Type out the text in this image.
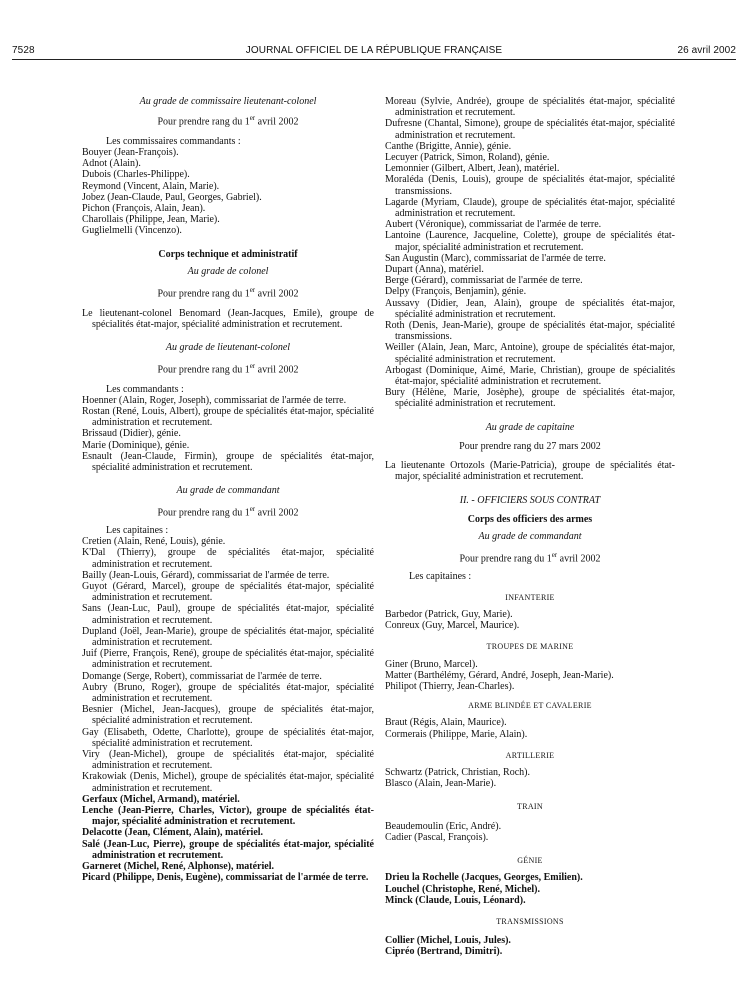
7528	JOURNAL OFFICIEL DE LA RÉPUBLIQUE FRANÇAISE	26 avril 2002
Au grade de commissaire lieutenant-colonel
Pour prendre rang du 1er avril 2002
Les commissaires commandants :
Bouyer (Jean-François).
Adnot (Alain).
Dubois (Charles-Philippe).
Reymond (Vincent, Alain, Marie).
Jobez (Jean-Claude, Paul, Georges, Gabriel).
Pichon (François, Alain, Jean).
Charollais (Philippe, Jean, Marie).
Guglielmelli (Vincenzo).
Corps technique et administratif
Au grade de colonel
Pour prendre rang du 1er avril 2002
Le lieutenant-colonel Benomard (Jean-Jacques, Emile), groupe de spécialités état-major, spécialité administration et recrutement.
Au grade de lieutenant-colonel
Pour prendre rang du 1er avril 2002
Les commandants :
Hoenner (Alain, Roger, Joseph), commissariat de l'armée de terre.
Rostan (René, Louis, Albert), groupe de spécialités état-major, spécialité administration et recrutement.
Brissaud (Didier), génie.
Marie (Dominique), génie.
Esnault (Jean-Claude, Firmin), groupe de spécialités état-major, spécialité administration et recrutement.
Au grade de commandant
Pour prendre rang du 1er avril 2002
Les capitaines :
Cretien (Alain, René, Louis), génie.
K'Dal (Thierry), groupe de spécialités état-major, spécialité administration et recrutement.
Bailly (Jean-Louis, Gérard), commissariat de l'armée de terre.
Guyot (Gérard, Marcel), groupe de spécialités état-major, spécialité administration et recrutement.
Sans (Jean-Luc, Paul), groupe de spécialités état-major, spécialité administration et recrutement.
Dupland (Joël, Jean-Marie), groupe de spécialités état-major, spécialité administration et recrutement.
Juif (Pierre, François, René), groupe de spécialités état-major, spécialité administration et recrutement.
Domange (Serge, Robert), commissariat de l'armée de terre.
Aubry (Bruno, Roger), groupe de spécialités état-major, spécialité administration et recrutement.
Besnier (Michel, Jean-Jacques), groupe de spécialités état-major, spécialité administration et recrutement.
Gay (Elisabeth, Odette, Charlotte), groupe de spécialités état-major, spécialité administration et recrutement.
Viry (Jean-Michel), groupe de spécialités état-major, spécialité administration et recrutement.
Krakowiak (Denis, Michel), groupe de spécialités état-major, spécialité administration et recrutement.
Gerfaux (Michel, Armand), matériel.
Lenche (Jean-Pierre, Charles, Victor), groupe de spécialités état-major, spécialité administration et recrutement.
Delacotte (Jean, Clément, Alain), matériel.
Salé (Jean-Luc, Pierre), groupe de spécialités état-major, spécialité administration et recrutement.
Garneret (Michel, René, Alphonse), matériel.
Picard (Philippe, Denis, Eugène), commissariat de l'armée de terre.
Moreau (Sylvie, Andrée), groupe de spécialités état-major, spécialité administration et recrutement.
Dufresne (Chantal, Simone), groupe de spécialités état-major, spécialité administration et recrutement.
Canthe (Brigitte, Annie), génie.
Lecuyer (Patrick, Simon, Roland), génie.
Lemonnier (Gilbert, Albert, Jean), matériel.
Moraléda (Denis, Louis), groupe de spécialités état-major, spécialité transmissions.
Lagarde (Myriam, Claude), groupe de spécialités état-major, spécialité administration et recrutement.
Aubert (Véronique), commissariat de l'armée de terre.
Lantoine (Laurence, Jacqueline, Colette), groupe de spécialités état-major, spécialité administration et recrutement.
San Augustin (Marc), commissariat de l'armée de terre.
Dupart (Anna), matériel.
Berge (Gérard), commissariat de l'armée de terre.
Delpy (François, Benjamin), génie.
Aussavy (Didier, Jean, Alain), groupe de spécialités état-major, spécialité administration et recrutement.
Roth (Denis, Jean-Marie), groupe de spécialités état-major, spécialité transmissions.
Weiller (Alain, Jean, Marc, Antoine), groupe de spécialités état-major, spécialité administration et recrutement.
Arbogast (Dominique, Aimé, Marie, Christian), groupe de spécialités état-major, spécialité administration et recrutement.
Bury (Hélène, Marie, Josèphe), groupe de spécialités état-major, spécialité administration et recrutement.
Au grade de capitaine
Pour prendre rang du 27 mars 2002
La lieutenante Ortozols (Marie-Patricia), groupe de spécialités état-major, spécialité administration et recrutement.
II. - OFFICIERS SOUS CONTRAT
Corps des officiers des armes
Au grade de commandant
Pour prendre rang du 1er avril 2002
Les capitaines :
INFANTERIE
Barbedor (Patrick, Guy, Marie).
Conreux (Guy, Marcel, Maurice).
TROUPES DE MARINE
Giner (Bruno, Marcel).
Matter (Barthélémy, Gérard, André, Joseph, Jean-Marie).
Philipot (Thierry, Jean-Charles).
ARME BLINDÉE ET CAVALERIE
Braut (Régis, Alain, Maurice).
Cormerais (Philippe, Marie, Alain).
ARTILLERIE
Schwartz (Patrick, Christian, Roch).
Blasco (Alain, Jean-Marie).
TRAIN
Beaudemoulin (Eric, André).
Cadier (Pascal, François).
GÉNIE
Drieu la Rochelle (Jacques, Georges, Emilien).
Louchel (Christophe, René, Michel).
Minck (Claude, Louis, Léonard).
TRANSMISSIONS
Collier (Michel, Louis, Jules).
Cipréo (Bertrand, Dimitri).
